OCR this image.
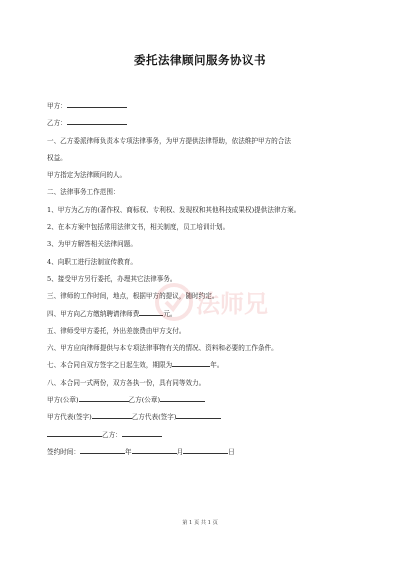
委托法律顾问服务协议书
甲方：
乙方：
一、乙方委派律师负责本专项法律事务，为甲方提供法律帮助，依法维护甲方的合法
权益。
甲方指定为法律顾问的人。
二、法律事务工作范围：
1、甲方为乙方的(著作权、商标权、专利权、发现权和其他科技成果权)提供法律方案。
2、在本方案中包括常用法律文书，相关制度，员工培训计划。
3、为甲方解答相关法律问题。
4、向职工进行法制宣传教育。
5、接受甲方另行委托，办理其它法律事务。
三、律师的工作时间，地点，根据甲方的提议，随时约定。
四、甲方向乙方缴纳聘请律师费	元。
五、律师受甲方委托，外出差旅费由甲方支付。
六、甲方应向律师提供与本专项法律事物有关的情况、资料和必要的工作条件。
七、本合同自双方签字之日起生效，期限为	年。
八、本合同一式两份，双方各执一份，具有同等效力。
甲方(公章)	乙方(公章)
甲方代表(签字)	乙方代表(签字)
乙方：
签约时间：	年	月	日
法师兄
第 1 页 共 1 页
